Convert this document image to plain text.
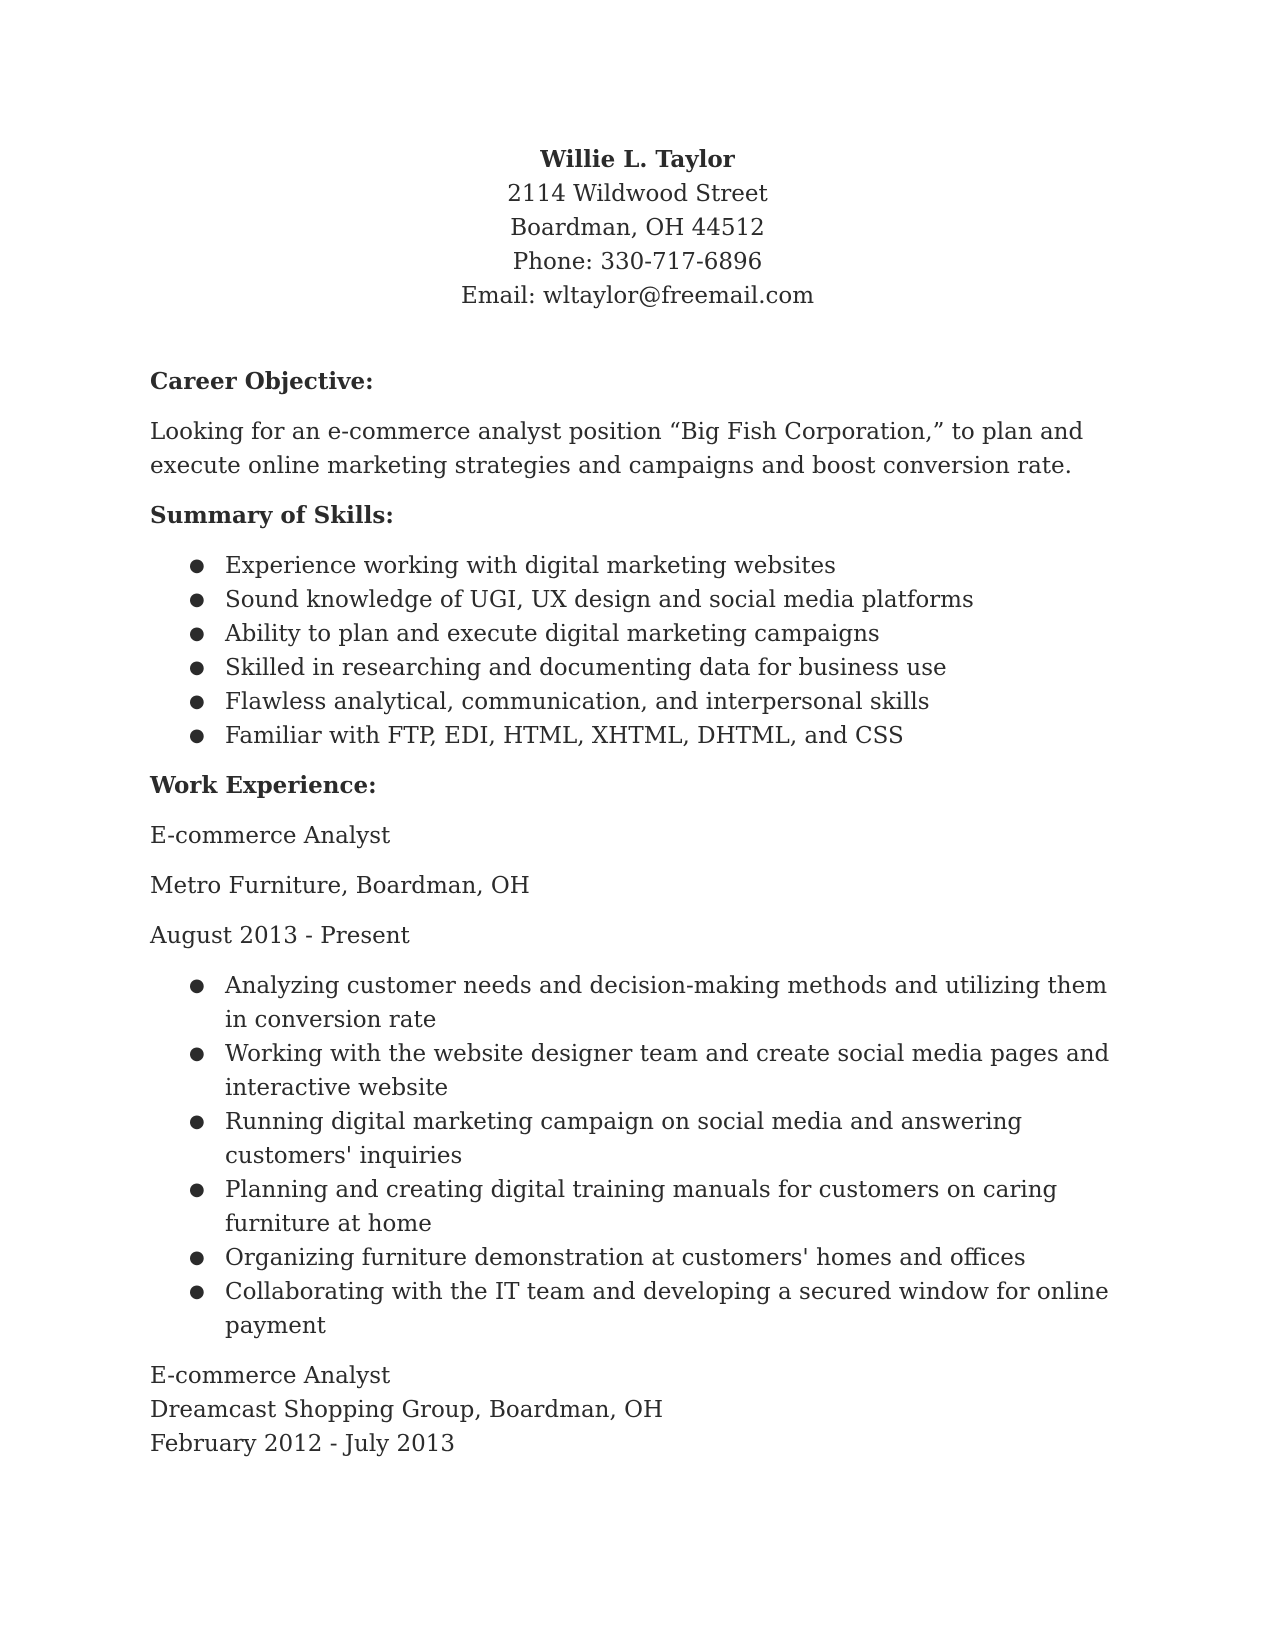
Willie L. Taylor
2114 Wildwood Street
Boardman, OH 44512
Phone: 330-717-6896
Email: wltaylor@freemail.com
Career Objective:
Looking for an e-commerce analyst position “Big Fish Corporation,” to plan and execute online marketing strategies and campaigns and boost conversion rate.
Summary of Skills:
● Experience working with digital marketing websites
● Sound knowledge of UGI, UX design and social media platforms
● Ability to plan and execute digital marketing campaigns
● Skilled in researching and documenting data for business use
● Flawless analytical, communication, and interpersonal skills
● Familiar with FTP, EDI, HTML, XHTML, DHTML, and CSS
Work Experience:
E-commerce Analyst
Metro Furniture, Boardman, OH
August 2013 - Present
● Analyzing customer needs and decision-making methods and utilizing them in conversion rate
● Working with the website designer team and create social media pages and interactive website
● Running digital marketing campaign on social media and answering customers' inquiries
● Planning and creating digital training manuals for customers on caring furniture at home
● Organizing furniture demonstration at customers' homes and offices
● Collaborating with the IT team and developing a secured window for online payment
E-commerce Analyst
Dreamcast Shopping Group, Boardman, OH
February 2012 - July 2013
